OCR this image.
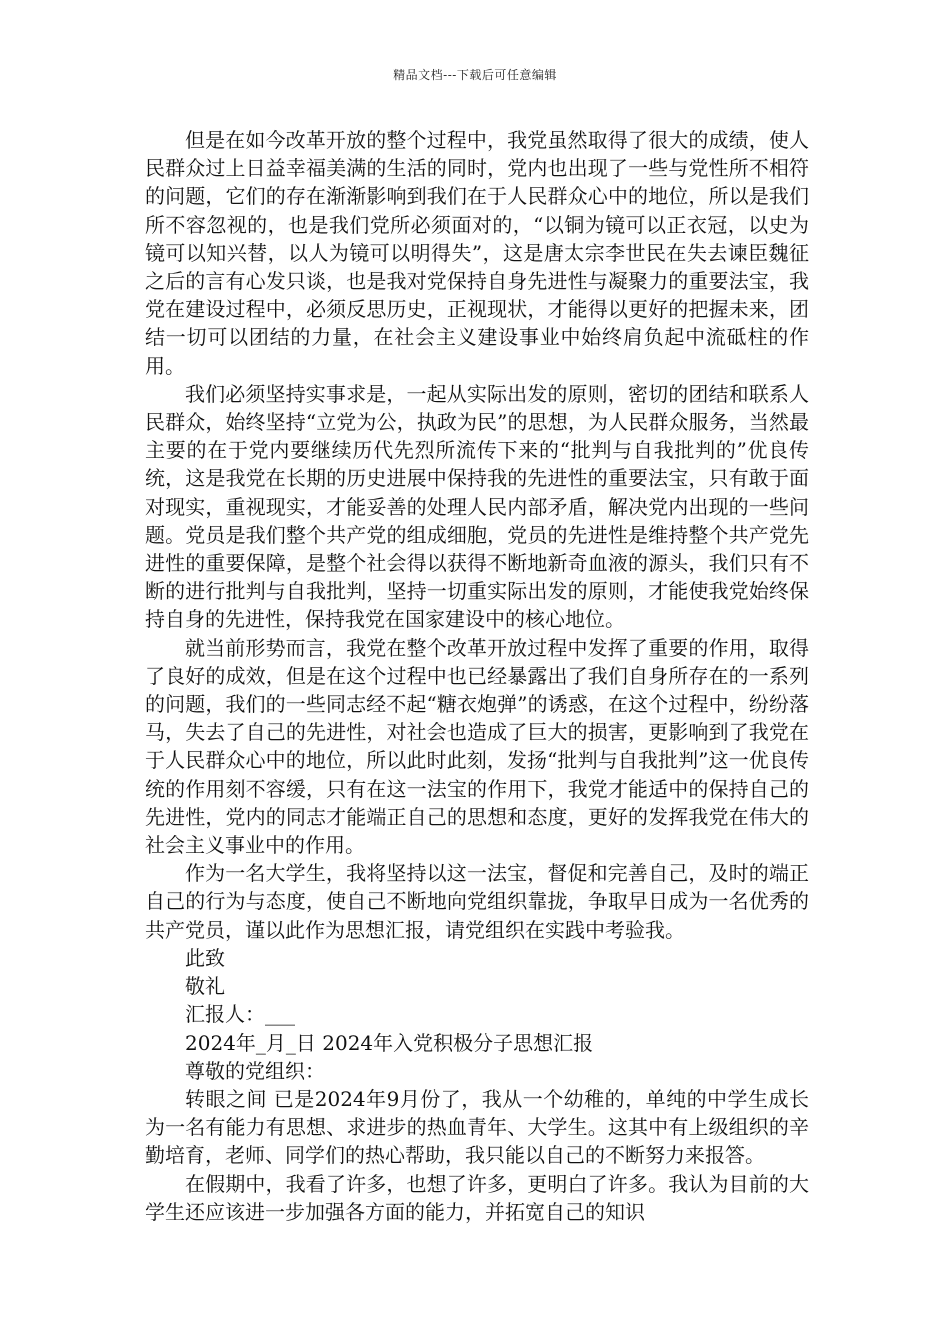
精品文档---下载后可任意编辑

但是在如今改革开放的整个过程中，我党虽然取得了很大的成绩，使人民群众过上日益幸福美满的生活的同时，党内也出现了一些与党性所不相符的问题，它们的存在渐渐影响到我们在于人民群众心中的地位，所以是我们所不容忽视的，也是我们党所必须面对的，“以铜为镜可以正衣冠，以史为镜可以知兴替，以人为镜可以明得失”，这是唐太宗李世民在失去谏臣魏征之后的言有心发只谈，也是我对党保持自身先进性与凝聚力的重要法宝，我党在建设过程中，必须反思历史，正视现状，才能得以更好的把握未来，团结一切可以团结的力量，在社会主义建设事业中始终肩负起中流砥柱的作用。

我们必须坚持实事求是，一起从实际出发的原则，密切的团结和联系人民群众，始终坚持“立党为公，执政为民”的思想，为人民群众服务，当然最主要的在于党内要继续历代先烈所流传下来的“批判与自我批判的”优良传统，这是我党在长期的历史进展中保持我的先进性的重要法宝，只有敢于面对现实，重视现实，才能妥善的处理人民内部矛盾，解决党内出现的一些问题。党员是我们整个共产党的组成细胞，党员的先进性是维持整个共产党先进性的重要保障，是整个社会得以获得不断地新奇血液的源头，我们只有不断的进行批判与自我批判，坚持一切重实际出发的原则，才能使我党始终保持自身的先进性，保持我党在国家建设中的核心地位。

就当前形势而言，我党在整个改革开放过程中发挥了重要的作用，取得了良好的成效，但是在这个过程中也已经暴露出了我们自身所存在的一系列的问题，我们的一些同志经不起“糖衣炮弹”的诱惑，在这个过程中，纷纷落马，失去了自己的先进性，对社会也造成了巨大的损害，更影响到了我党在于人民群众心中的地位，所以此时此刻，发扬“批判与自我批判”这一优良传统的作用刻不容缓，只有在这一法宝的作用下，我党才能适中的保持自己的先进性，党内的同志才能端正自己的思想和态度，更好的发挥我党在伟大的社会主义事业中的作用。

作为一名大学生，我将坚持以这一法宝，督促和完善自己，及时的端正自己的行为与态度，使自己不断地向党组织靠拢，争取早日成为一名优秀的共产党员，谨以此作为思想汇报，请党组织在实践中考验我。

此致

敬礼

汇报人：___

2024年_月_日 2024年入党积极分子思想汇报

尊敬的党组织：

转眼之间 已是2024年9月份了，我从一个幼稚的，单纯的中学生成长为一名有能力有思想、求进步的热血青年、大学生。这其中有上级组织的辛勤培育，老师、同学们的热心帮助，我只能以自己的不断努力来报答。

在假期中，我看了许多，也想了许多，更明白了许多。我认为目前的大学生还应该进一步加强各方面的能力，并拓宽自己的知识
